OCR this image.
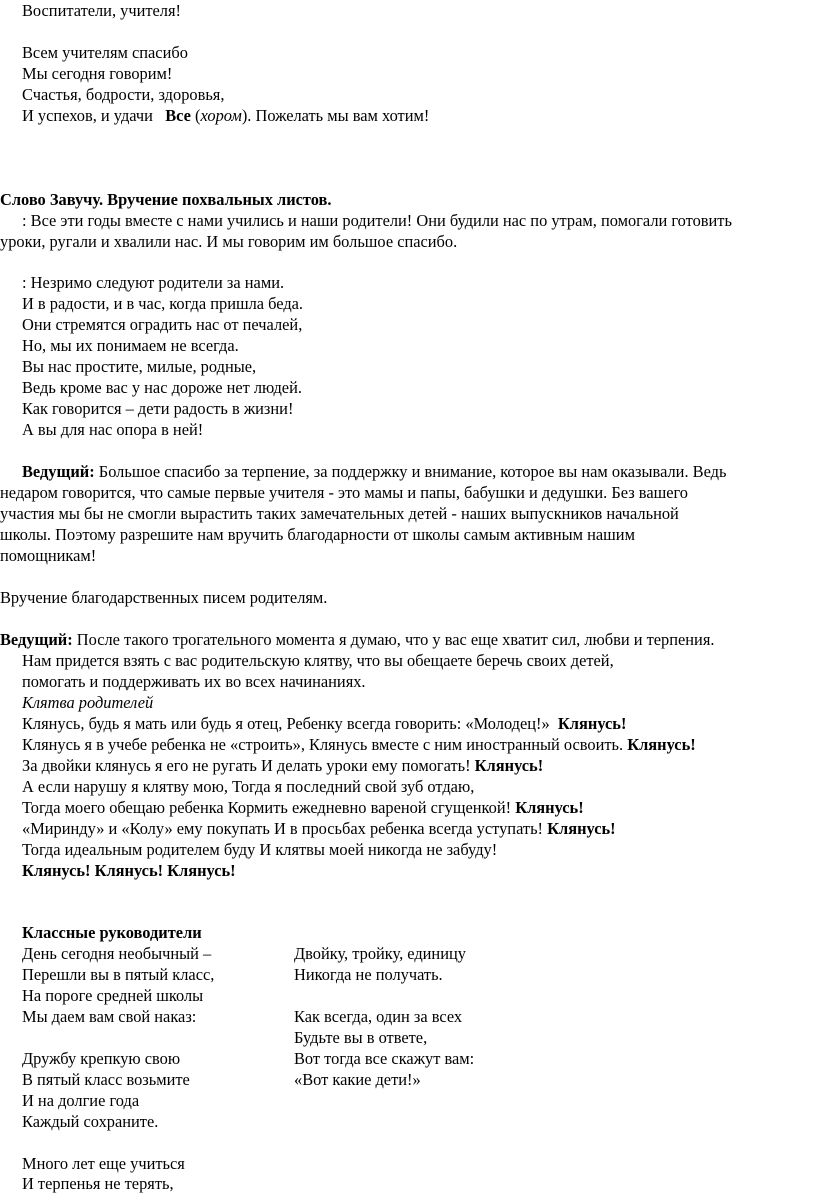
Воспитатели, учителя!
Всем учителям спасибо
Мы сегодня говорим!
Счастья, бодрости, здоровья,
И успехов, и удачи Все (хором). Пожелать мы вам хотим!
Слово Завучу. Вручение похвальных листов.
: Все эти годы вместе с нами учились и наши родители! Они будили нас по утрам, помогали готовить
уроки, ругали и хвалили нас. И мы говорим им большое спасибо.
: Незримо следуют родители за нами.
И в радости, и в час, когда пришла беда.
Они стремятся оградить нас от печалей,
Но, мы их понимаем не всегда.
Вы нас простите, милые, родные,
Ведь кроме вас у нас дороже нет людей.
Как говорится – дети радость в жизни!
А вы для нас опора в ней!
Ведущий: Большое спасибо за терпение, за поддержку и внимание, которое вы нам оказывали. Ведь
недаром говорится, что самые первые учителя - это мамы и папы, бабушки и дедушки. Без вашего
участия мы бы не смогли вырастить таких замечательных детей - наших выпускников начальной
школы. Поэтому разрешите нам вручить благодарности от школы самым активным нашим
помощникам!
Вручение благодарственных писем родителям.
Ведущий: После такого трогательного момента я думаю, что у вас еще хватит сил, любви и терпения.
Нам придется взять с вас родительскую клятву, что вы обещаете беречь своих детей,
помогать и поддерживать их во всех начинаниях.
Клятва родителей
Клянусь, будь я мать или будь я отец, Ребенку всегда говорить: «Молодец!» Клянусь!
Клянусь я в учебе ребенка не «строить», Клянусь вместе с ним иностранный освоить. Клянусь!
За двойки клянусь я его не ругать И делать уроки ему помогать! Клянусь!
А если нарушу я клятву мою, Тогда я последний свой зуб отдаю,
Тогда моего обещаю ребенка Кормить ежедневно вареной сгущенкой! Клянусь!
«Миринду» и «Колу» ему покупать И в просьбах ребенка всегда уступать! Клянусь!
Тогда идеальным родителем буду И клятвы моей никогда не забуду!
Клянусь! Клянусь! Клянусь!
Классные руководители
День сегодня необычный –
Перешли вы в пятый класс,
На пороге средней школы
Мы даем вам свой наказ:
Дружбу крепкую свою
В пятый класс возьмите
И на долгие года
Каждый сохраните.
Много лет еще учиться
И терпенья не терять,
Двойку, тройку, единицу
Никогда не получать.
Как всегда, один за всех
Будьте вы в ответе,
Вот тогда все скажут вам:
«Вот какие дети!»
